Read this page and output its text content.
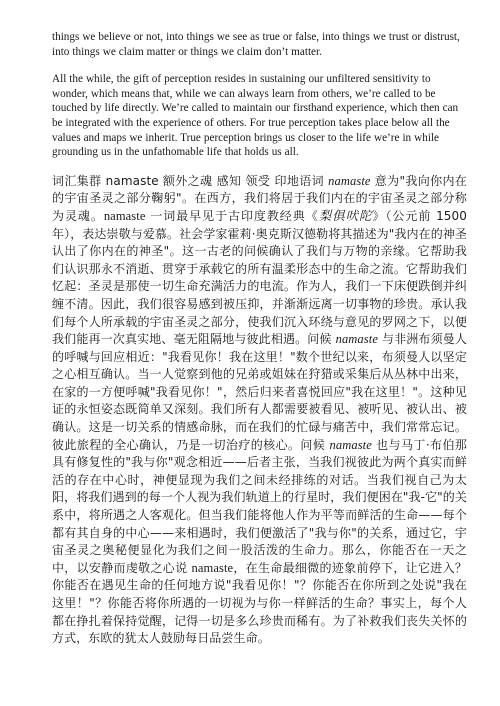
things we believe or not, into things we see as true or false, into things we trust or distrust, into things we claim matter or things we claim don’t matter.

All the while, the gift of perception resides in sustaining our unfiltered sensitivity to wonder, which means that, while we can always learn from others, we’re called to be touched by life directly. We’re called to maintain our firsthand experience, which then can be integrated with the experience of others. For true perception takes place below all the values and maps we inherit. True perception brings us closer to the life we’re in while grounding us in the unfathomable life that holds us all.

词汇集群 namaste 额外之魂 感知 领受 印地语词 namaste 意为"我向你内在的宇宙圣灵之部分鞠躬"。在西方，我们将居于我们内在的宇宙圣灵之部分称为灵魂。namaste 一词最早见于古印度教经典《梨俱吠陀》（公元前 1500 年），表达崇敬与爱慕。社会学家霍莉·奥克斯汉德勒将其描述为"我内在的神圣认出了你内在的神圣"。这一古老的问候确认了我们与万物的亲缘。它帮助我们认识那永不消逝、贯穿于承载它的所有温柔形态中的生命之流。它帮助我们忆起：圣灵是那使一切生命充满活力的电流。作为人，我们一下床便跌倒并纠缠不清。因此，我们很容易感到被压抑，并渐渐远离一切事物的珍贵。承认我们每个人所承载的宇宙圣灵之部分，使我们沉入环绕与意见的罗网之下，以便我们能再一次真实地、毫无阻隔地与彼此相遇。问候 namaste 与非洲布须曼人的呼喊与回应相近："我看见你！我在这里！"数个世纪以来，布须曼人以坚定之心相互确认。当一人觉察到他的兄弟或姐妹在狩猎或采集后从丛林中出来，在家的一方便呼喊"我看见你！"，然后归来者喜悦回应"我在这里！"。这种见证的永恒姿态既简单又深刻。我们所有人都需要被看见、被听见、被认出、被确认。这是一切关系的情感命脉，而在我们的忙碌与痛苦中，我们常常忘记。彼此旅程的全心确认，乃是一切治疗的核心。问候 namaste 也与马丁·布伯那具有修复性的"我与你"观念相近——后者主张，当我们视彼此为两个真实而鲜活的存在中心时，神便显现为我们之间未经排练的对话。当我们视自己为太阳，将我们遇到的每一个人视为我们轨道上的行星时，我们便困在"我-它"的关系中，将所遇之人客观化。但当我们能将他人作为平等而鲜活的生命——每个都有其自身的中心——来相遇时，我们便激活了"我与你"的关系，通过它，宇宙圣灵之奥秘便显化为我们之间一股活泼的生命力。那么，你能否在一天之中，以安静而虔敬之心说 namaste，在生命最细微的迹象前停下，让它进入？你能否在遇见生命的任何地方说"我看见你！"？你能否在你所到之处说"我在这里！"？你能否将你所遇的一切视为与你一样鲜活的生命？事实上，每个人都在挣扎着保持觉醒，记得一切是多么珍贵而稀有。为了补救我们丧失关怀的方式，东欧的犹太人鼓励每日品尝生命。
